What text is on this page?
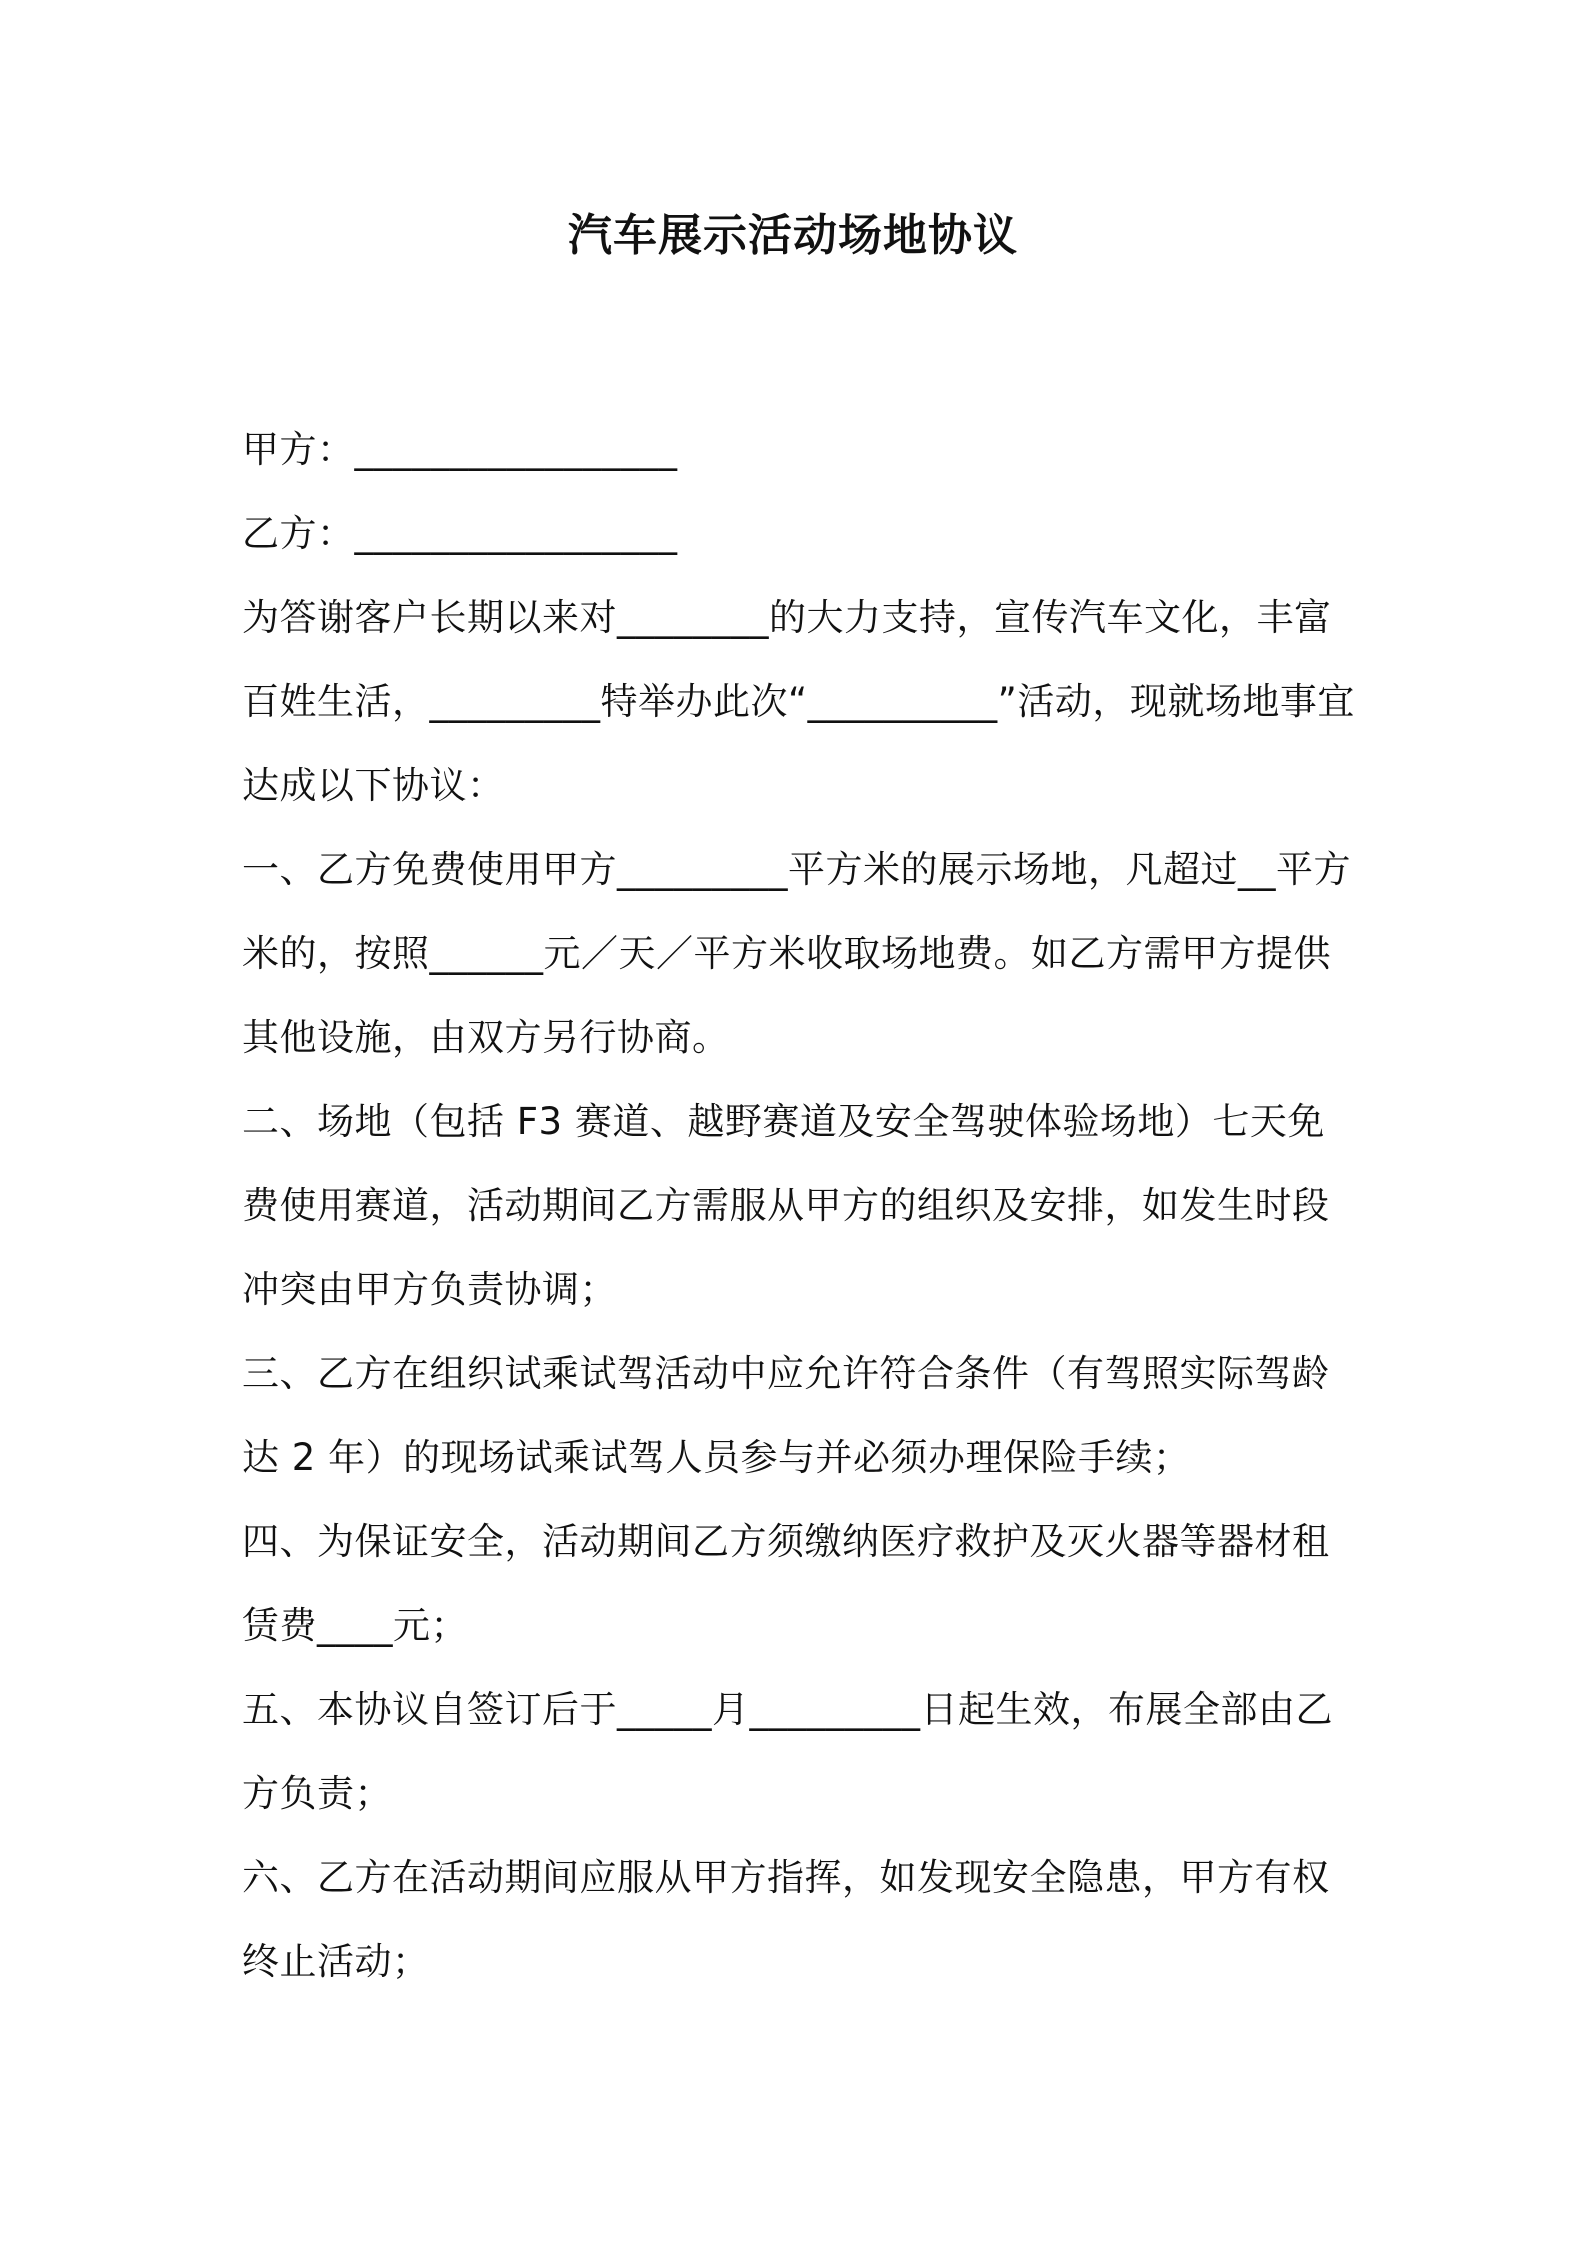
汽车展示活动场地协议

甲方：_________________

乙方：_________________

为答谢客户长期以来对________的大力支持，宣传汽车文化，丰富百姓生活，_________特举办此次“__________”活动，现就场地事宜达成以下协议：

一、乙方免费使用甲方_________平方米的展示场地，凡超过__平方米的，按照______元／天／平方米收取场地费。如乙方需甲方提供其他设施，由双方另行协商。

二、场地（包括 F3 赛道、越野赛道及安全驾驶体验场地）七天免费使用赛道，活动期间乙方需服从甲方的组织及安排，如发生时段冲突由甲方负责协调；

三、乙方在组织试乘试驾活动中应允许符合条件（有驾照实际驾龄达 2 年）的现场试乘试驾人员参与并必须办理保险手续；

四、为保证安全，活动期间乙方须缴纳医疗救护及灭火器等器材租赁费____元；

五、本协议自签订后于_____月_________日起生效，布展全部由乙方负责；

六、乙方在活动期间应服从甲方指挥，如发现安全隐患，甲方有权终止活动；
